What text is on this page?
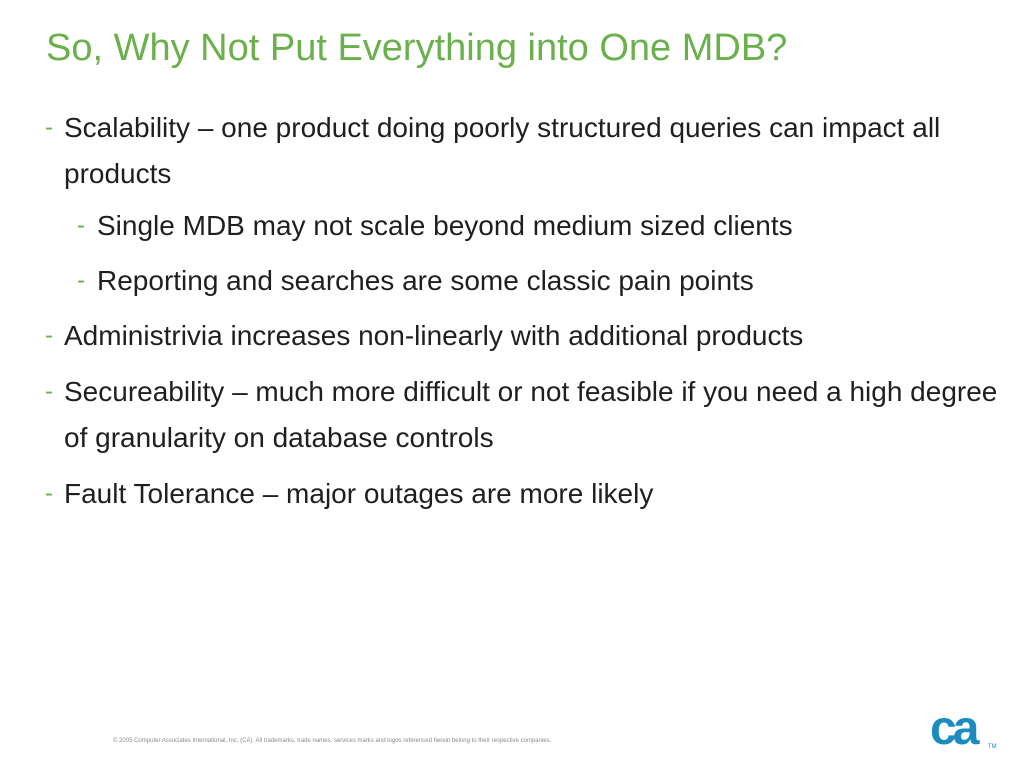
So, Why Not Put Everything into One MDB?
- Scalability – one product doing poorly structured queries can impact all products
- Single MDB may not scale beyond medium sized clients
- Reporting and searches are some classic pain points
- Administrivia increases non-linearly with additional products
- Secureability – much more difficult or not feasible if you need a high degree of granularity on database controls
- Fault Tolerance – major outages are more likely
© 2005 Computer Associates International, Inc. (CA). All trademarks, trade names, services marks and logos referenced herein belong to their respective companies.	ca	TM
